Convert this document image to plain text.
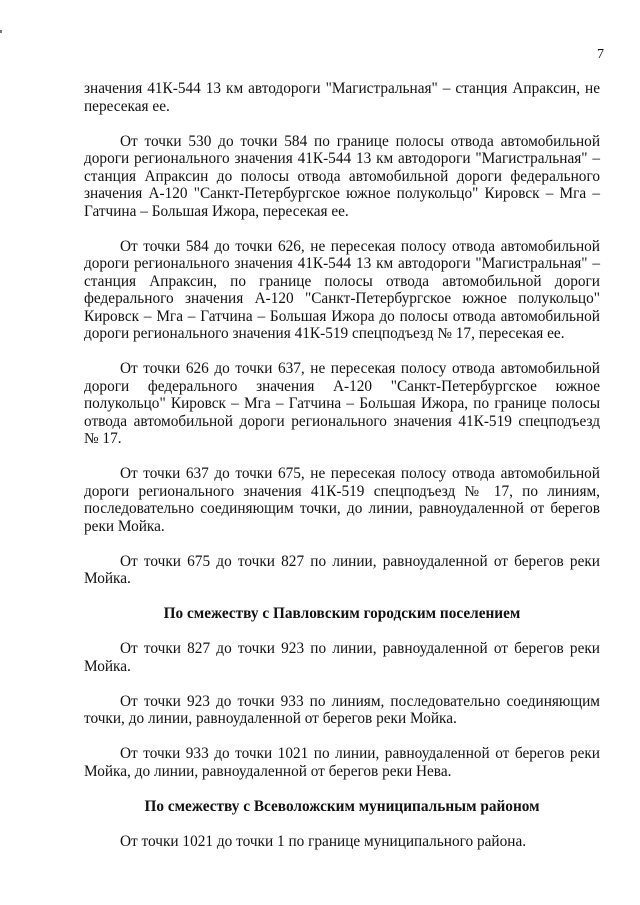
7

значения 41К-544 13 км автодороги "Магистральная" – станция Апраксин, не пересекая ее.

От точки 530 до точки 584 по границе полосы отвода автомобильной дороги регионального значения 41К-544 13 км автодороги "Магистральная" – станция Апраксин до полосы отвода автомобильной дороги федерального значения А-120 "Санкт-Петербургское южное полукольцо" Кировск – Мга – Гатчина – Большая Ижора, пересекая ее.

От точки 584 до точки 626, не пересекая полосу отвода автомобильной дороги регионального значения 41К-544 13 км автодороги "Магистральная" – станция Апраксин, по границе полосы отвода автомобильной дороги федерального значения А-120 "Санкт-Петербургское южное полукольцо" Кировск – Мга – Гатчина – Большая Ижора до полосы отвода автомобильной дороги регионального значения 41К-519 спецподъезд № 17, пересекая ее.

От точки 626 до точки 637, не пересекая полосу отвода автомобильной дороги федерального значения А-120 "Санкт-Петербургское южное полукольцо" Кировск – Мга – Гатчина – Большая Ижора, по границе полосы отвода автомобильной дороги регионального значения 41К-519 спецподъезд № 17.

От точки 637 до точки 675, не пересекая полосу отвода автомобильной дороги регионального значения 41К-519 спецподъезд № 17, по линиям, последовательно соединяющим точки, до линии, равноудаленной от берегов реки Мойка.

От точки 675 до точки 827 по линии, равноудаленной от берегов реки Мойка.

По смежеству с Павловским городским поселением

От точки 827 до точки 923 по линии, равноудаленной от берегов реки Мойка.

От точки 923 до точки 933 по линиям, последовательно соединяющим точки, до линии, равноудаленной от берегов реки Мойка.

От точки 933 до точки 1021 по линии, равноудаленной от берегов реки Мойка, до линии, равноудаленной от берегов реки Нева.

По смежеству с Всеволожским муниципальным районом

От точки 1021 до точки 1 по границе муниципального района.
